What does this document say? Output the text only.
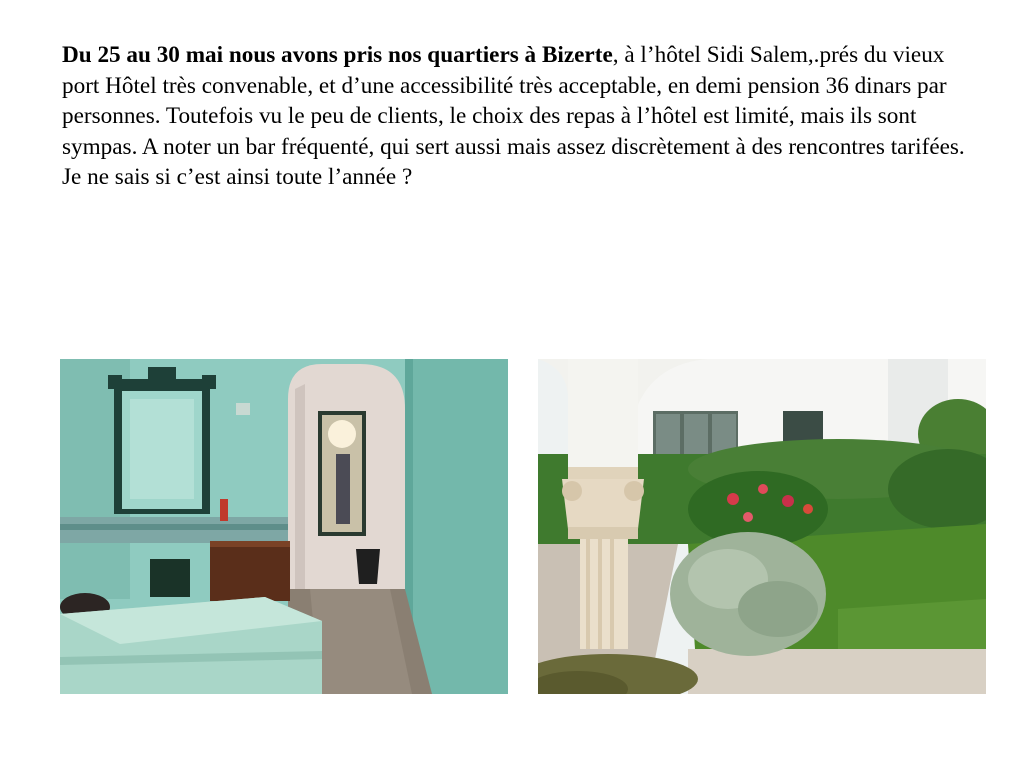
Du 25 au 30 mai nous avons pris nos quartiers à Bizerte, à l’hôtel Sidi Salem,.prés du vieux port Hôtel très convenable, et d’une accessibilité très acceptable, en demi pension 36 dinars par personnes. Toutefois vu le peu de clients, le choix des repas à l’hôtel est limité, mais ils sont sympas. A noter un bar fréquenté, qui sert aussi mais assez discrètement à des rencontres tarifées. Je ne sais si c’est ainsi toute l’année ?
